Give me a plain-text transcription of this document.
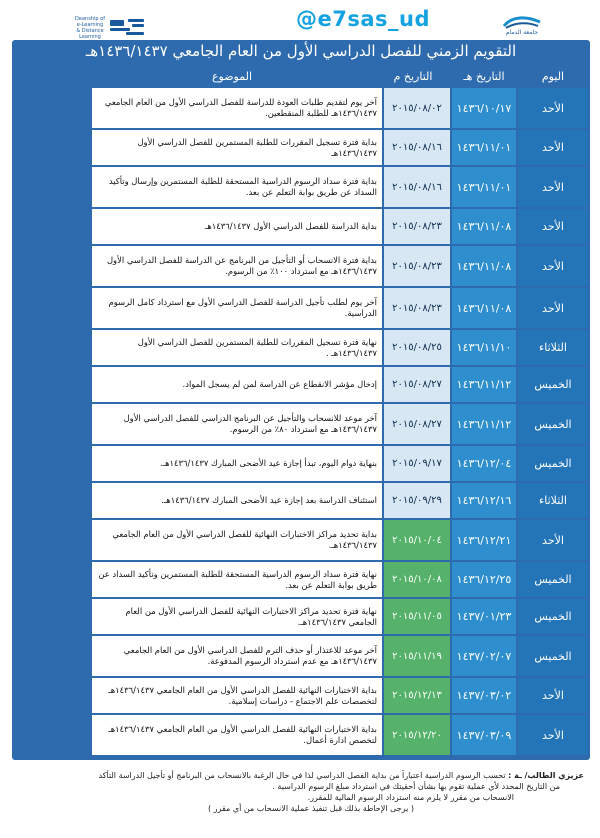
Deanship of e-Learning & Distance Learning
@e7sas_ud
جامعة الدمام
التقويم الزمني للفصل الدراسي الأول من العام الجامعي ١٤٣٦/١٤٣٧هـ
اليوم
التاريخ هـ
التاريخ م
الموضوع
الأحد
١٤٣٦/١٠/١٧
٢٠١٥/٠٨/٠٢
آخر يوم لتقديم طلبات العودة للدراسة للفصل الدراسي الأول من العام الجامعي ١٤٣٦/١٤٣٧هـ للطلبة المنقطعين.
الأحد
١٤٣٦/١١/٠١
٢٠١٥/٠٨/١٦
بداية فترة تسجيل المقررات للطلبة المستمرين للفصل الدراسي الأول ١٤٣٦/١٤٣٧هـ
الأحد
١٤٣٦/١١/٠١
٢٠١٥/٠٨/١٦
بداية فترة سداد الرسوم الدراسية المستحقة للطلبة المستمرين وإرسال وتأكيد السداد عن طريق بوابة التعلم عن بعد.
الأحد
١٤٣٦/١١/٠٨
٢٠١٥/٠٨/٢٣
بداية الدراسة للفصل الدراسي الأول ١٤٣٦/١٤٣٧هـ
الأحد
١٤٣٦/١١/٠٨
٢٠١٥/٠٨/٢٣
بداية فترة الانسحاب أو التأجيل من البرنامج عن الدراسة للفصل الدراسي الأول ١٤٣٦/١٤٣٧هـ مع استرداد ١٠٠٪ من الرسوم.
الأحد
١٤٣٦/١١/٠٨
٢٠١٥/٠٨/٢٣
آخر يوم لطلب تأجيل الدراسة للفصل الدراسي الأول مع استرداد كامل الرسوم الدراسية.
الثلاثاء
١٤٣٦/١١/١٠
٢٠١٥/٠٨/٢٥
نهاية فترة تسجيل المقررات للطلبة المستمرين للفصل الدراسي الأول ١٤٣٦/١٤٣٧هـ .
الخميس
١٤٣٦/١١/١٢
٢٠١٥/٠٨/٢٧
إدخال مؤشر الانقطاع عن الدراسة لمن لم يسجل المواد.
الخميس
١٤٣٦/١١/١٢
٢٠١٥/٠٨/٢٧
آخر موعد للانسحاب والتأجيل عن البرنامج الدراسي للفصل الدراسي الأول ١٤٣٦/١٤٣٧هـ مع استرداد ٨٠٪ من الرسوم.
الخميس
١٤٣٦/١٢/٠٤
٢٠١٥/٠٩/١٧
بنهاية دوام اليوم، تبدأ إجازة عيد الأضحى المبارك ١٤٣٦/١٤٣٧هـ.
الثلاثاء
١٤٣٦/١٢/١٦
٢٠١٥/٠٩/٢٩
استئناف الدراسة بعد إجازة عيد الأضحى المبارك ١٤٣٦/١٤٣٧هـ.
الأحد
١٤٣٦/١٢/٢١
٢٠١٥/١٠/٠٤
بداية تحديد مراكز الاختبارات النهائية للفصل الدراسي الأول من العام الجامعي ١٤٣٦/١٤٣٧هـ.
الخميس
١٤٣٦/١٢/٢٥
٢٠١٥/١٠/٠٨
نهاية فترة سداد الرسوم الدراسية المستحقة للطلبة المستمرين وتأكيد السداد عن طريق بوابة التعلم عن بعد.
الخميس
١٤٣٧/٠١/٢٣
٢٠١٥/١١/٠٥
نهاية فترة تحديد مراكز الاختبارات النهائية للفصل الدراسي الأول من العام الجامعي ١٤٣٦/١٤٣٧هـ.
الخميس
١٤٣٧/٠٢/٠٧
٢٠١٥/١١/١٩
آخر موعد للاعتذار أو حذف الترم للفصل الدراسي الأول من العام الجامعي ١٤٣٦/١٤٣٧هـ مع عدم استرداد الرسوم المدفوعة.
الأحد
١٤٣٧/٠٣/٠٢
٢٠١٥/١٢/١٣
بداية الاختبارات النهائية للفصل الدراسي الأول من العام الجامعي ١٤٣٦/١٤٣٧هـ لتخصصات علم الاجتماع - دراسات إسلامية.
الأحد
١٤٣٧/٠٣/٠٩
٢٠١٥/١٢/٢٠
بداية الاختبارات النهائية للفصل الدراسي الأول من العام الجامعي ١٤٣٦/١٤٣٧هـ لتخصص ادارة أعمال.
عزيزي الطالب/ ـة : تحسب الرسوم الدراسية اعتباراً من بداية الفصل الدراسي لذا في حال الرغبة بالانسحاب من البرنامج أو تأجيل الدراسة التأكد
من التاريخ المحدد لأي عملية تقوم بها بشأن أحقيتك في استرداد مبلغ الرسوم الدراسية .
الانسحاب من مقرر لا يلزم منه استرداد الرسوم المالية للمقرر.
( يرجى الإحاطة بذلك قبل تنفيذ عملية الانسحاب من أي مقرر )
